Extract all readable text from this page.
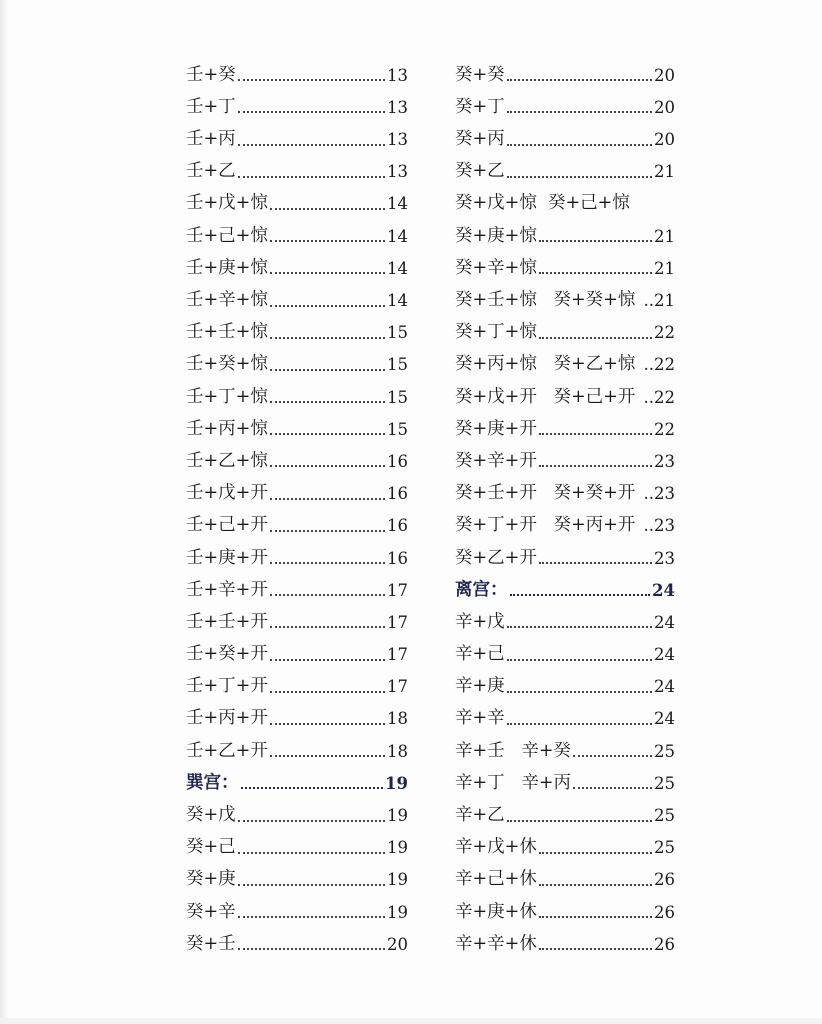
壬+癸	13
壬+丁	13
壬+丙	13
壬+乙	13
壬+戊+惊	14
壬+己+惊	14
壬+庚+惊	14
壬+辛+惊	14
壬+壬+惊	15
壬+癸+惊	15
壬+丁+惊	15
壬+丙+惊	15
壬+乙+惊	16
壬+戊+开	16
壬+己+开	16
壬+庚+开	16
壬+辛+开	17
壬+壬+开	17
壬+癸+开	17
壬+丁+开	17
壬+丙+开	18
壬+乙+开	18
巽宫：	19
癸+戊	19
癸+己	19
癸+庚	19
癸+辛	19
癸+壬	20
癸+癸	20
癸+丁	20
癸+丙	20
癸+乙	21
癸+戊+惊  癸+己+惊
癸+庚+惊	21
癸+辛+惊	21
癸+壬+惊   癸+癸+惊 ..21
癸+丁+惊	22
癸+丙+惊   癸+乙+惊 ..22
癸+戊+开   癸+己+开 ..22
癸+庚+开	22
癸+辛+开	23
癸+壬+开   癸+癸+开 ..23
癸+丁+开   癸+丙+开 ..23
癸+乙+开	23
离宫：	24
辛+戊	24
辛+己	24
辛+庚	24
辛+辛	24
辛+壬   辛+癸	25
辛+丁   辛+丙	25
辛+乙	25
辛+戊+休	25
辛+己+休	26
辛+庚+休	26
辛+辛+休	26
